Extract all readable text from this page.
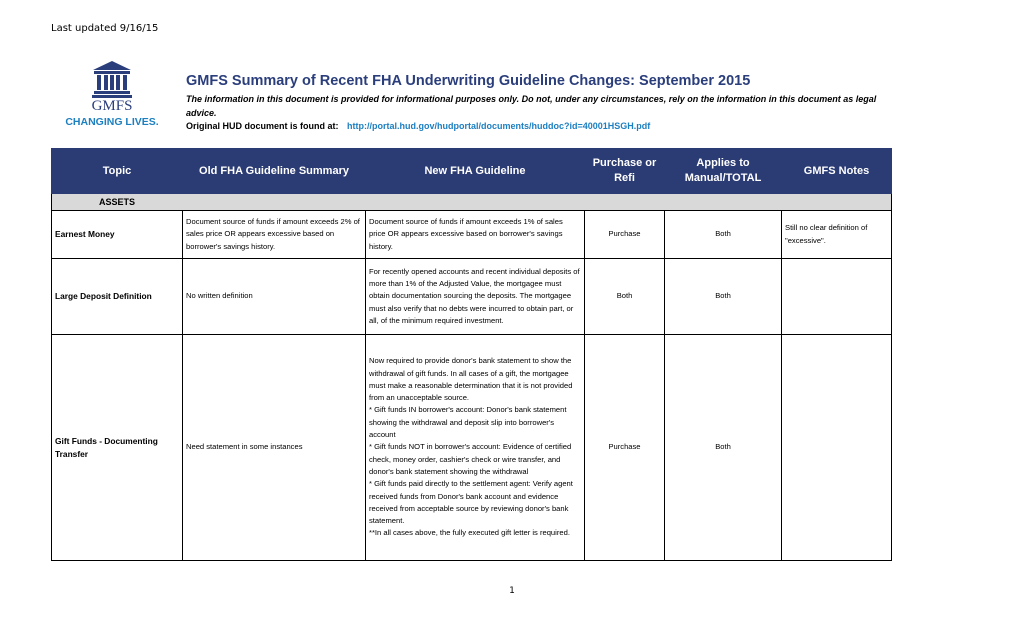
Last updated 9/16/15
GMFS
CHANGING LIVES.
GMFS Summary of Recent FHA Underwriting Guideline Changes: September 2015
The information in this document is provided for informational purposes only. Do not, under any circumstances, rely on the information in this document as legal advice.
Original HUD document is found at: http://portal.hud.gov/hudportal/documents/huddoc?id=40001HSGH.pdf
Topic	Old FHA Guideline Summary	New FHA Guideline	Purchase or Refi	Applies to Manual/TOTAL	GMFS Notes
ASSETS					
Earnest Money	Document source of funds if amount exceeds 2% of sales price OR appears excessive based on borrower's savings history.	Document source of funds if amount exceeds 1% of sales price OR appears excessive based on borrower's savings history.	Purchase	Both	Still no clear definition of "excessive".
Large Deposit Definition	No written definition	For recently opened accounts and recent individual deposits of more than 1% of the Adjusted Value, the mortgagee must obtain documentation sourcing the deposits. The mortgagee must also verify that no debts were incurred to obtain part, or all, of the minimum required investment.	Both	Both	
Gift Funds - Documenting Transfer	Need statement in some instances	Now required to provide donor's bank statement to show the withdrawal of gift funds. In all cases of a gift, the mortgagee must make a reasonable determination that it is not provided from an unacceptable source.
* Gift funds IN borrower's account: Donor's bank statement showing the withdrawal and deposit slip into borrower's account
* Gift funds NOT in borrower's account: Evidence of certified check, money order, cashier's check or wire transfer, and donor's bank statement showing the withdrawal
* Gift funds paid directly to the settlement agent: Verify agent received funds from Donor's bank account and evidence received from acceptable source by reviewing donor's bank statement.
**In all cases above, the fully executed gift letter is required.	Purchase	Both	
1
